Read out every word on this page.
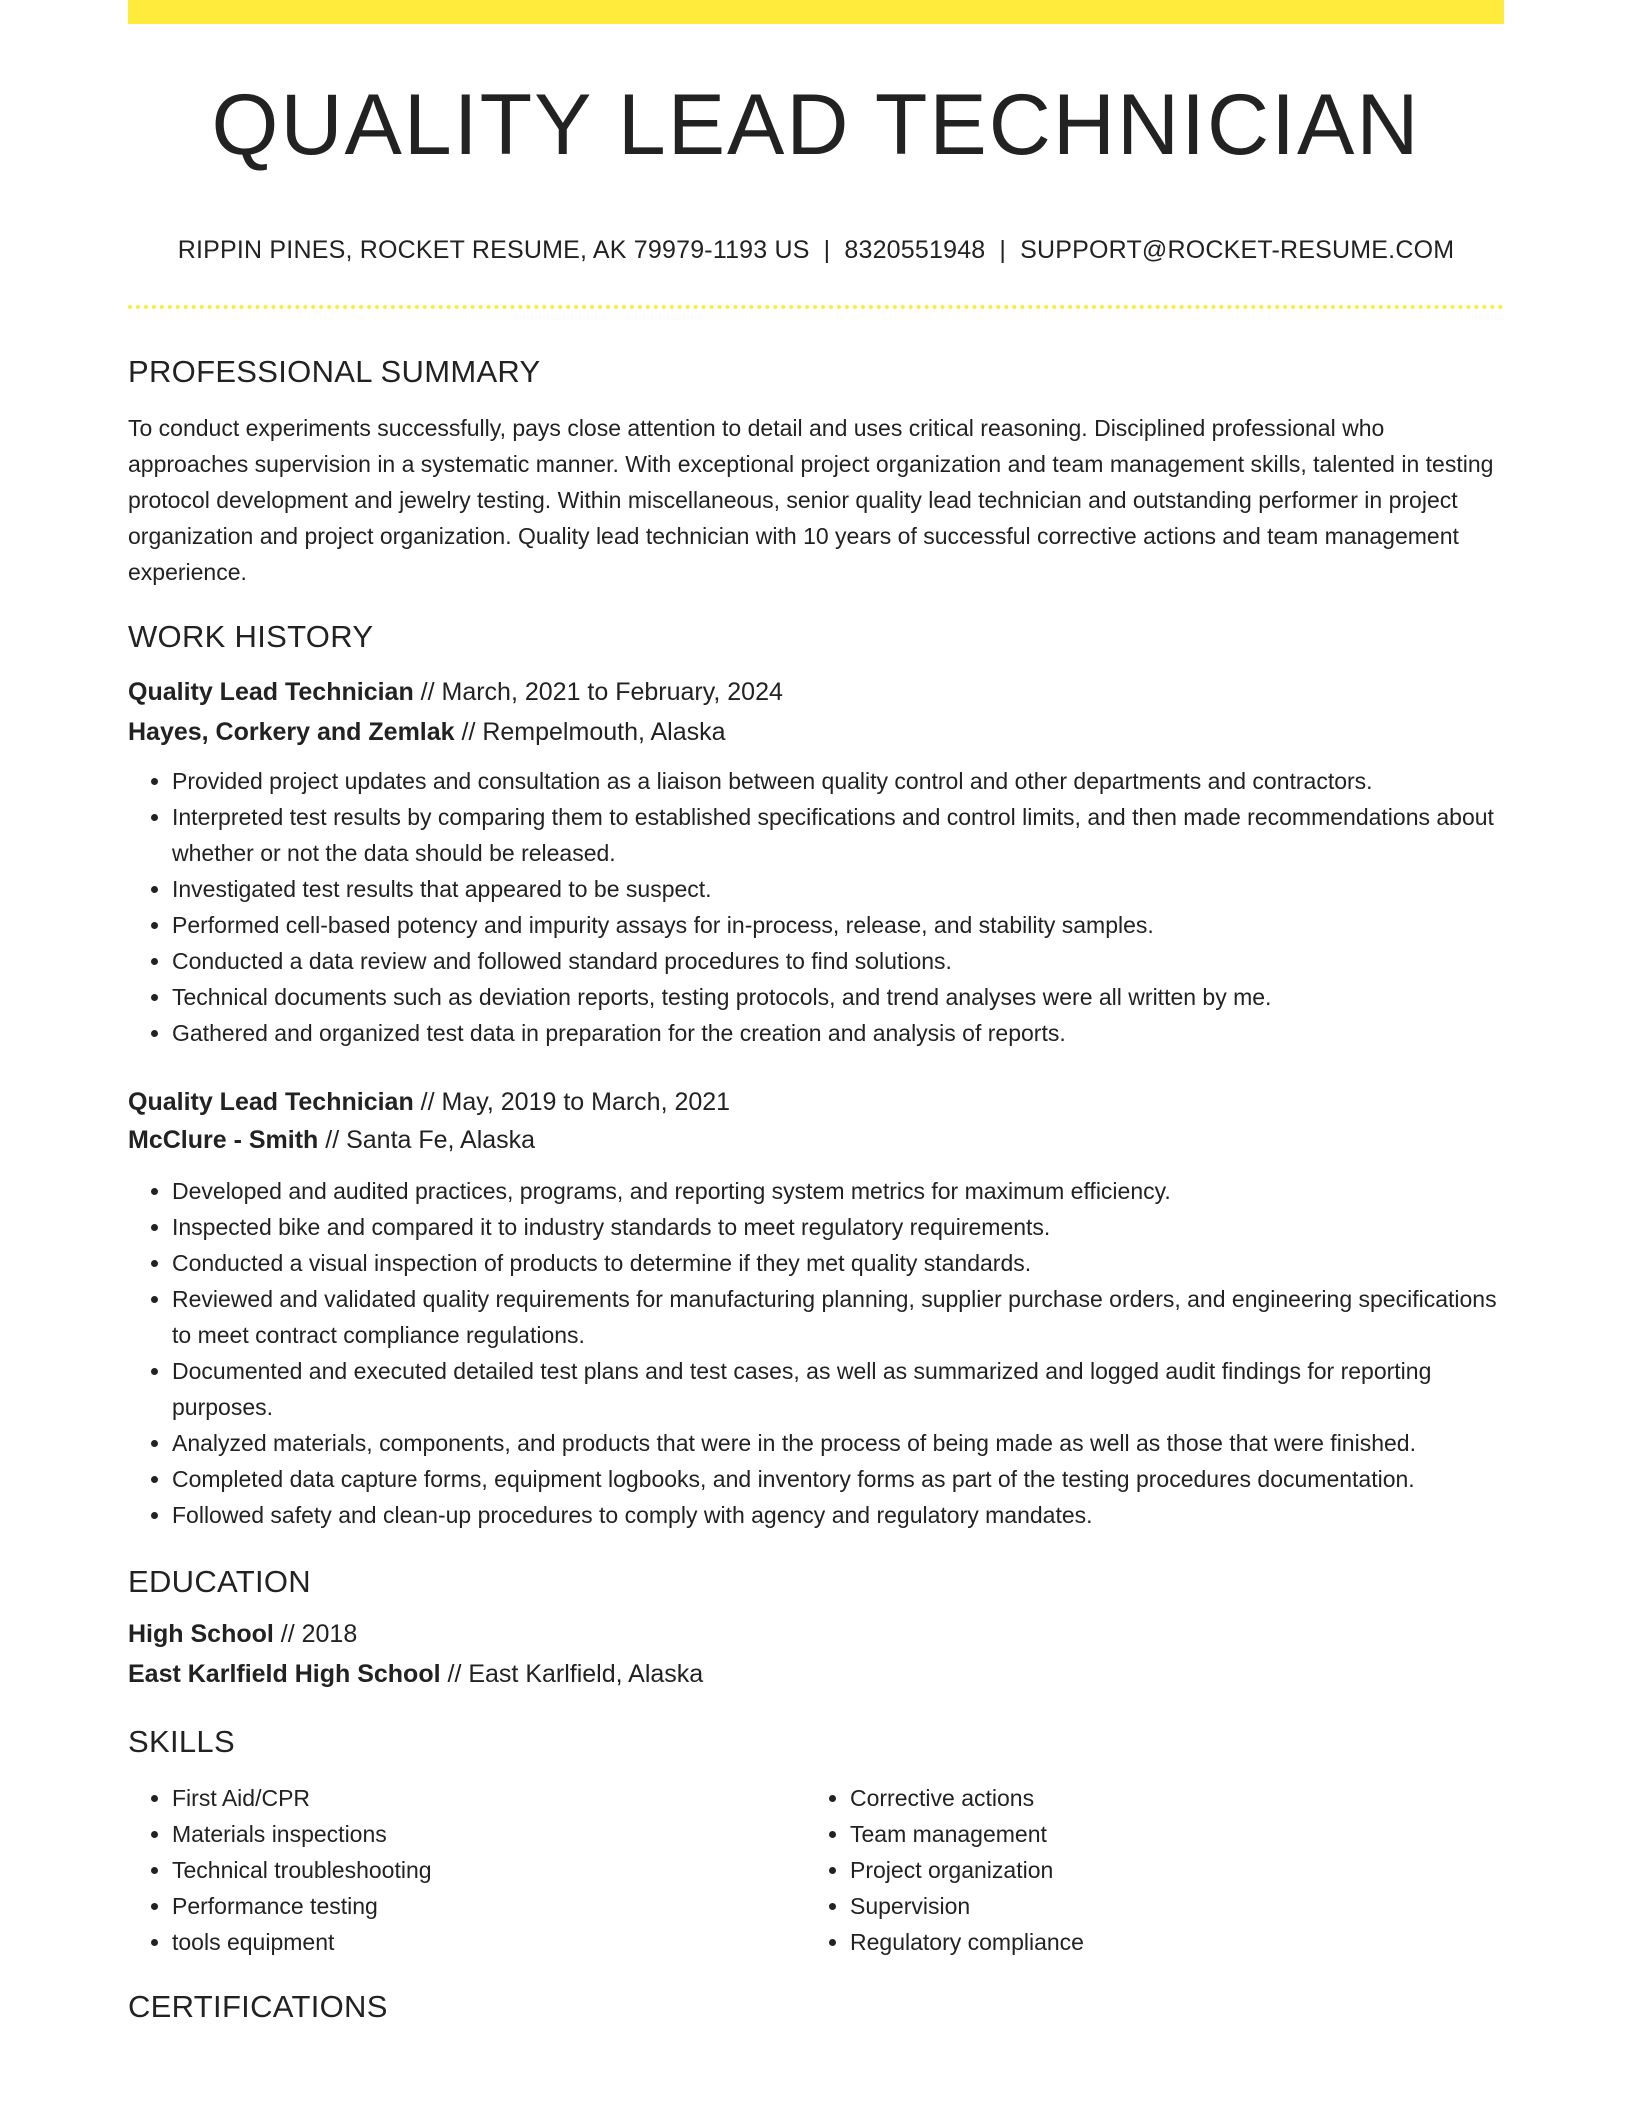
QUALITY LEAD TECHNICIAN
RIPPIN PINES, ROCKET RESUME, AK 79979-1193 US | 8320551948 | SUPPORT@ROCKET-RESUME.COM
PROFESSIONAL SUMMARY

To conduct experiments successfully, pays close attention to detail and uses critical reasoning. Disciplined professional who approaches supervision in a systematic manner. With exceptional project organization and team management skills, talented in testing protocol development and jewelry testing. Within miscellaneous, senior quality lead technician and outstanding performer in project organization and project organization. Quality lead technician with 10 years of successful corrective actions and team management experience.

WORK HISTORY
Quality Lead Technician // March, 2021 to February, 2024
Hayes, Corkery and Zemlak // Rempelmouth, Alaska
• Provided project updates and consultation as a liaison between quality control and other departments and contractors.
• Interpreted test results by comparing them to established specifications and control limits, and then made recommendations about whether or not the data should be released.
• Investigated test results that appeared to be suspect.
• Performed cell-based potency and impurity assays for in-process, release, and stability samples.
• Conducted a data review and followed standard procedures to find solutions.
• Technical documents such as deviation reports, testing protocols, and trend analyses were all written by me.
• Gathered and organized test data in preparation for the creation and analysis of reports.
Quality Lead Technician // May, 2019 to March, 2021
McClure - Smith // Santa Fe, Alaska
• Developed and audited practices, programs, and reporting system metrics for maximum efficiency.
• Inspected bike and compared it to industry standards to meet regulatory requirements.
• Conducted a visual inspection of products to determine if they met quality standards.
• Reviewed and validated quality requirements for manufacturing planning, supplier purchase orders, and engineering specifications to meet contract compliance regulations.
• Documented and executed detailed test plans and test cases, as well as summarized and logged audit findings for reporting purposes.
• Analyzed materials, components, and products that were in the process of being made as well as those that were finished.
• Completed data capture forms, equipment logbooks, and inventory forms as part of the testing procedures documentation.
• Followed safety and clean-up procedures to comply with agency and regulatory mandates.
EDUCATION
High School // 2018
East Karlfield High School // East Karlfield, Alaska
SKILLS
• First Aid/CPR
• Materials inspections
• Technical troubleshooting
• Performance testing
• tools equipment
• Corrective actions
• Team management
• Project organization
• Supervision
• Regulatory compliance
CERTIFICATIONS
